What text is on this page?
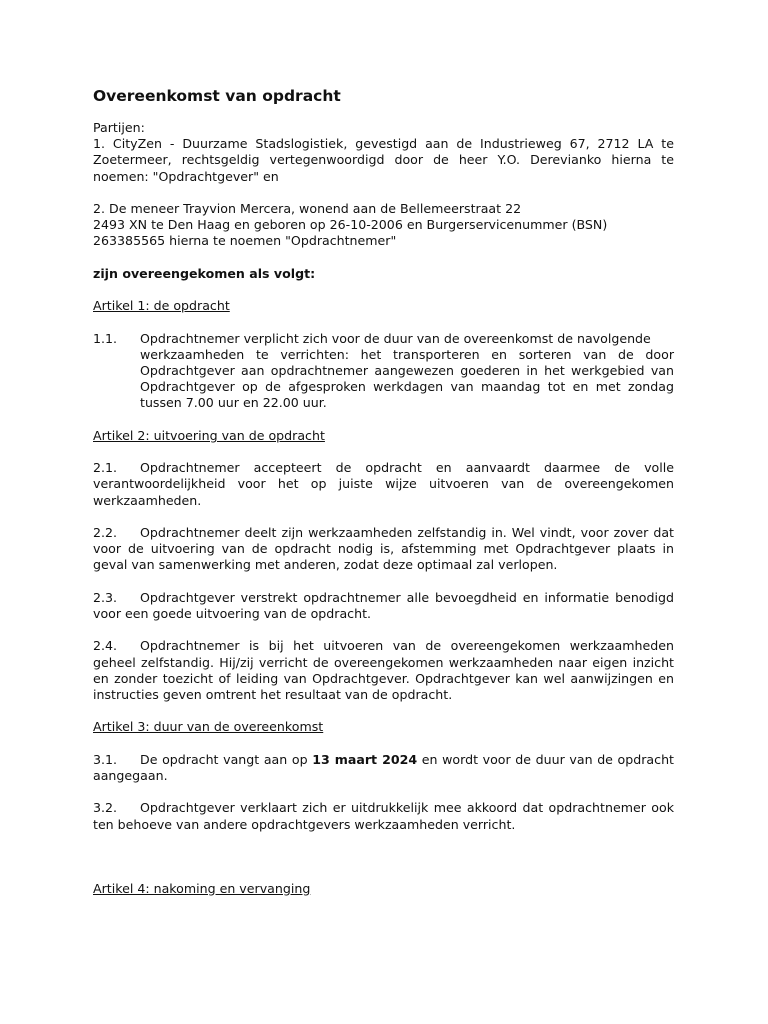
Overeenkomst van opdracht

Partijen:

1. CityZen - Duurzame Stadslogistiek, gevestigd aan de Industrieweg 67, 2712 LA te Zoetermeer, rechtsgeldig vertegenwoordigd door de heer Y.O. Derevianko hierna te noemen: "Opdrachtgever" en

2. De meneer Trayvion Mercera, wonend aan de Bellemeerstraat 22

2493 XN te Den Haag en geboren op 26-10-2006 en Burgerservicenummer (BSN)

263385565 hierna te noemen "Opdrachtnemer"

zijn overeengekomen als volgt:

Artikel 1: de opdracht

1.1. Opdrachtnemer verplicht zich voor de duur van de overeenkomst de navolgende
werkzaamheden te verrichten: het transporteren en sorteren van de door Opdrachtgever aan opdrachtnemer aangewezen goederen in het werkgebied van Opdrachtgever op de afgesproken werkdagen van maandag tot en met zondag tussen 7.00 uur en 22.00 uur.

Artikel 2: uitvoering van de opdracht

2.1. Opdrachtnemer accepteert de opdracht en aanvaardt daarmee de volle verantwoordelijkheid voor het op juiste wijze uitvoeren van de overeengekomen werkzaamheden.

2.2. Opdrachtnemer deelt zijn werkzaamheden zelfstandig in. Wel vindt, voor zover dat voor de uitvoering van de opdracht nodig is, afstemming met Opdrachtgever plaats in geval van samenwerking met anderen, zodat deze optimaal zal verlopen.

2.3. Opdrachtgever verstrekt opdrachtnemer alle bevoegdheid en informatie benodigd voor een goede uitvoering van de opdracht.

2.4. Opdrachtnemer is bij het uitvoeren van de overeengekomen werkzaamheden geheel zelfstandig. Hij/zij verricht de overeengekomen werkzaamheden naar eigen inzicht en zonder toezicht of leiding van Opdrachtgever. Opdrachtgever kan wel aanwijzingen en instructies geven omtrent het resultaat van de opdracht.

Artikel 3: duur van de overeenkomst

3.1. De opdracht vangt aan op 13 maart 2024 en wordt voor de duur van de opdracht aangegaan.

3.2. Opdrachtgever verklaart zich er uitdrukkelijk mee akkoord dat opdrachtnemer ook ten behoeve van andere opdrachtgevers werkzaamheden verricht.

Artikel 4: nakoming en vervanging
